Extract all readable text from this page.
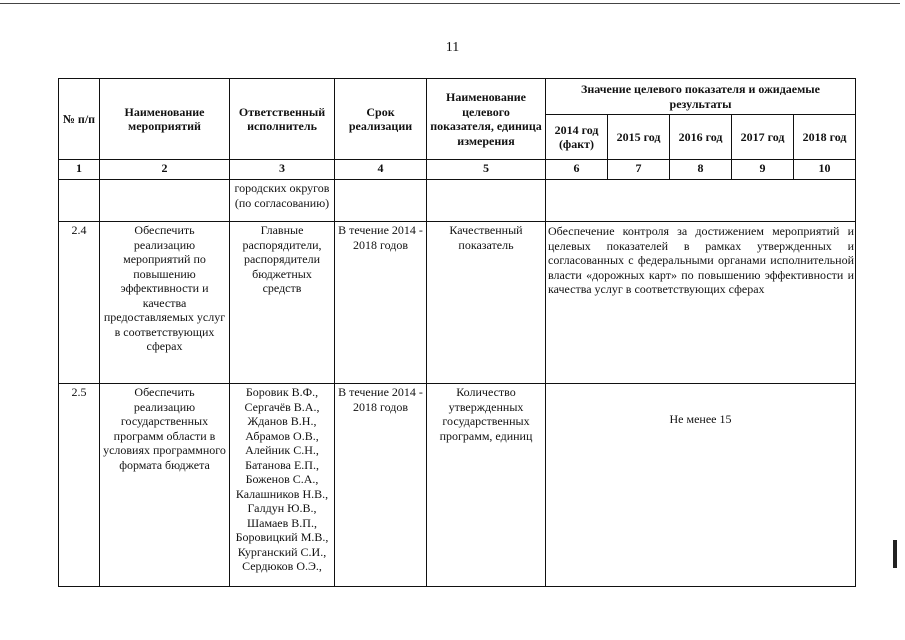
11
№ п/п	Наименование мероприятий	Ответственный исполнитель	Срок реализации	Наименование целевого показателя, единица измерения	Значение целевого показателя и ожидаемые результаты				
					2014 год (факт)	2015 год	2016 год	2017 год	2018 год
1	2	3	4	5	6	7	8	9	10
		городских округов (по согласованию)							
2.4	Обеспечить реализацию мероприятий по повышению эффективности и качества предоставляемых услуг в соответствующих сферах	Главные распорядители, распорядители бюджетных средств	В течение 2014 - 2018 годов	Качественный показатель	Обеспечение контроля за достижением мероприятий и целевых показателей в рамках утвержденных и согласованных с федеральными органами исполнительной власти «дорожных карт» по повышению эффективности и качества услуг в соответствующих сферах				
2.5	Обеспечить реализацию государственных программ области в условиях программного формата бюджета	Боровик В.Ф., Сергачёв В.А., Жданов В.Н., Абрамов О.В., Алейник С.Н., Батанова Е.П., Боженов С.А., Калашников Н.В., Галдун Ю.В., Шамаев В.П., Боровицкий М.В., Курганский С.И., Сердюков О.Э.,	В течение 2014 - 2018 годов	Количество утвержденных государственных программ, единиц	Не менее 15				
